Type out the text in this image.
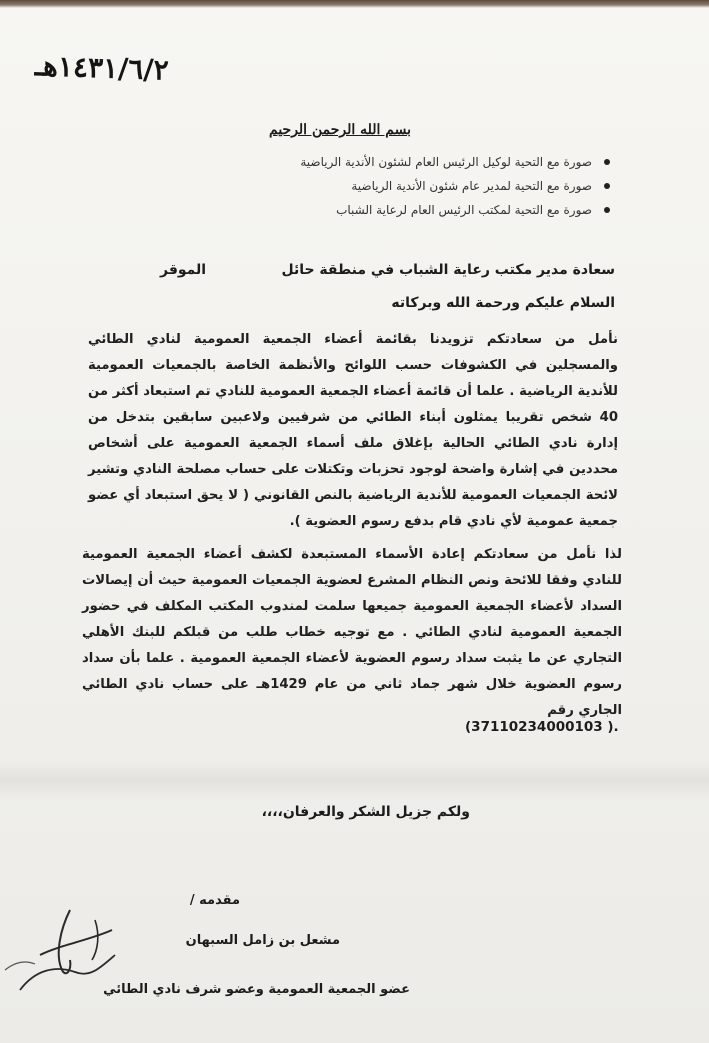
١٤٣١/٦/٢هـ
بسم الله الرحمن الرحيم
صورة مع التحية لوكيل الرئيس العام لشئون الأندية الرياضية
صورة مع التحية لمدير عام شئون الأندية الرياضية
صورة مع التحية لمكتب الرئيس العام لرعاية الشباب
سعادة مدير مكتب رعاية الشباب في منطقة حائل
الموقر
السلام عليكم ورحمة الله وبركاته
نأمل من سعادتكم تزويدنا بقائمة أعضاء الجمعية العمومية لنادي الطائي والمسجلين في الكشوفات حسب اللوائح والأنظمة الخاصة بالجمعيات العمومية للأندية الرياضية . علما أن قائمة أعضاء الجمعية العمومية للنادي تم استبعاد أكثر من 40 شخص تقريبا يمثلون أبناء الطائي من شرفيين ولاعبين سابقين بتدخل من إدارة نادي الطائي الحالية بإغلاق ملف أسماء الجمعية العمومية على أشخاص محددين في إشارة واضحة لوجود تحزبات وتكتلات على حساب مصلحة النادي وتشير لائحة الجمعيات العمومية للأندية الرياضية بالنص القانوني ( لا يحق استبعاد أي عضو جمعية عمومية لأي نادي قام بدفع رسوم العضوية ).
لذا نأمل من سعادتكم إعادة الأسماء المستبعدة لكشف أعضاء الجمعية العمومية للنادي وفقا للائحة ونص النظام المشرع لعضوية الجمعيات العمومية حيث أن إيصالات السداد لأعضاء الجمعية العمومية جميعها سلمت لمندوب المكتب المكلف في حضور الجمعية العمومية لنادي الطائي . مع توجيه خطاب طلب من قبلكم للبنك الأهلي التجاري عن ما يثبت سداد رسوم العضوية لأعضاء الجمعية العمومية . علما بأن سداد رسوم العضوية خلال شهر جماد ثاني من عام 1429هـ على حساب نادي الطائي الجاري رقم
(37110234000103 ).
ولكم جزيل الشكر والعرفان،،،،
مقدمه /
مشعل بن زامل السبهان
عضو الجمعية العمومية وعضو شرف نادي الطائي
